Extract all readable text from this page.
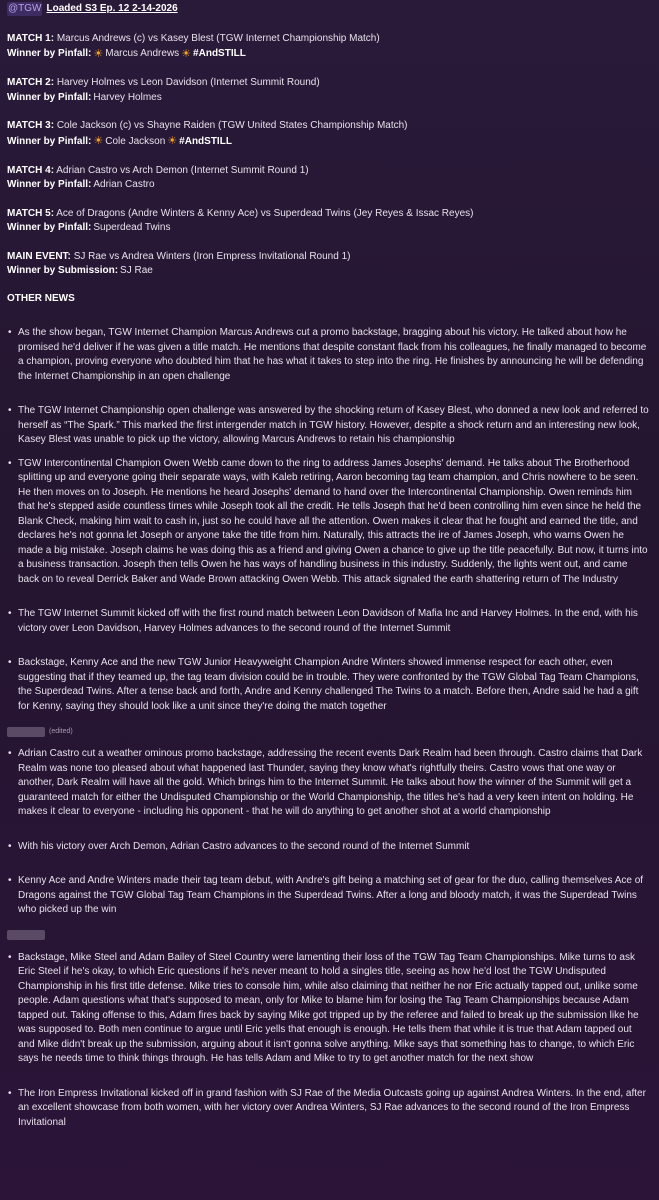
@TGW Loaded S3 Ep. 12 2-14-2026
MATCH 1: Marcus Andrews (c) vs Kasey Blest (TGW Internet Championship Match)
Winner by Pinfall: ☀ Marcus Andrews ☀ #AndSTILL
MATCH 2: Harvey Holmes vs Leon Davidson (Internet Summit Round)
Winner by Pinfall: Harvey Holmes
MATCH 3: Cole Jackson (c) vs Shayne Raiden (TGW United States Championship Match)
Winner by Pinfall: ☀ Cole Jackson ☀ #AndSTILL
MATCH 4: Adrian Castro vs Arch Demon (Internet Summit Round 1)
Winner by Pinfall: Adrian Castro
MATCH 5: Ace of Dragons (Andre Winters & Kenny Ace) vs Superdead Twins (Jey Reyes & Issac Reyes)
Winner by Pinfall: Superdead Twins
MAIN EVENT: SJ Rae vs Andrea Winters (Iron Empress Invitational Round 1)
Winner by Submission: SJ Rae
OTHER NEWS
• As the show began, TGW Internet Champion Marcus Andrews cut a promo backstage, bragging about his victory. He talked about how he promised he'd deliver if he was given a title match. He mentions that despite constant flack from his colleagues, he finally managed to become a champion, proving everyone who doubted him that he has what it takes to step into the ring. He finishes by announcing he will be defending the Internet Championship in an open challenge
• The TGW Internet Championship open challenge was answered by the shocking return of Kasey Blest, who donned a new look and referred to herself as “The Spark.” This marked the first intergender match in TGW history. However, despite a shock return and an interesting new look, Kasey Blest was unable to pick up the victory, allowing Marcus Andrews to retain his championship
• TGW Intercontinental Champion Owen Webb came down to the ring to address James Josephs' demand. He talks about The Brotherhood splitting up and everyone going their separate ways, with Kaleb retiring, Aaron becoming tag team champion, and Chris nowhere to be seen. He then moves on to Joseph. He mentions he heard Josephs' demand to hand over the Intercontinental Championship. Owen reminds him that he's stepped aside countless times while Joseph took all the credit. He tells Joseph that he'd been controlling him even since he held the Blank Check, making him wait to cash in, just so he could have all the attention. Owen makes it clear that he fought and earned the title, and declares he's not gonna let Joseph or anyone take the title from him. Naturally, this attracts the ire of James Joseph, who warns Owen he made a big mistake. Joseph claims he was doing this as a friend and giving Owen a chance to give up the title peacefully. But now, it turns into a business transaction. Joseph then tells Owen he has ways of handling business in this industry. Suddenly, the lights went out, and came back on to reveal Derrick Baker and Wade Brown attacking Owen Webb. This attack signaled the earth shattering return of The Industry
• The TGW Internet Summit kicked off with the first round match between Leon Davidson of Mafia Inc and Harvey Holmes. In the end, with his victory over Leon Davidson, Harvey Holmes advances to the second round of the Internet Summit
• Backstage, Kenny Ace and the new TGW Junior Heavyweight Champion Andre Winters showed immense respect for each other, even suggesting that if they teamed up, the tag team division could be in trouble. They were confronted by the TGW Global Tag Team Champions, the Superdead Twins. After a tense back and forth, Andre and Kenny challenged The Twins to a match. Before then, Andre said he had a gift for Kenny, saying they should look like a unit since they're doing the match together
(edited)
• Adrian Castro cut a weather ominous promo backstage, addressing the recent events Dark Realm had been through. Castro claims that Dark Realm was none too pleased about what happened last Thunder, saying they know what's rightfully theirs. Castro vows that one way or another, Dark Realm will have all the gold. Which brings him to the Internet Summit. He talks about how the winner of the Summit will get a guaranteed match for either the Undisputed Championship or the World Championship, the titles he's had a very keen intent on holding. He makes it clear to everyone - including his opponent - that he will do anything to get another shot at a world championship
• With his victory over Arch Demon, Adrian Castro advances to the second round of the Internet Summit
• Kenny Ace and Andre Winters made their tag team debut, with Andre's gift being a matching set of gear for the duo, calling themselves Ace of Dragons against the TGW Global Tag Team Champions in the Superdead Twins. After a long and bloody match, it was the Superdead Twins who picked up the win
• Backstage, Mike Steel and Adam Bailey of Steel Country were lamenting their loss of the TGW Tag Team Championships. Mike turns to ask Eric Steel if he's okay, to which Eric questions if he's never meant to hold a singles title, seeing as how he'd lost the TGW Undisputed Championship in his first title defense. Mike tries to console him, while also claiming that neither he nor Eric actually tapped out, unlike some people. Adam questions what that's supposed to mean, only for Mike to blame him for losing the Tag Team Championships because Adam tapped out. Taking offense to this, Adam fires back by saying Mike got tripped up by the referee and failed to break up the submission like he was supposed to. Both men continue to argue until Eric yells that enough is enough. He tells them that while it is true that Adam tapped out and Mike didn't break up the submission, arguing about it isn't gonna solve anything. Mike says that something has to change, to which Eric says he needs time to think things through. He has tells Adam and Mike to try to get another match for the next show
• The Iron Empress Invitational kicked off in grand fashion with SJ Rae of the Media Outcasts going up against Andrea Winters. In the end, after an excellent showcase from both women, with her victory over Andrea Winters, SJ Rae advances to the second round of the Iron Empress Invitational
